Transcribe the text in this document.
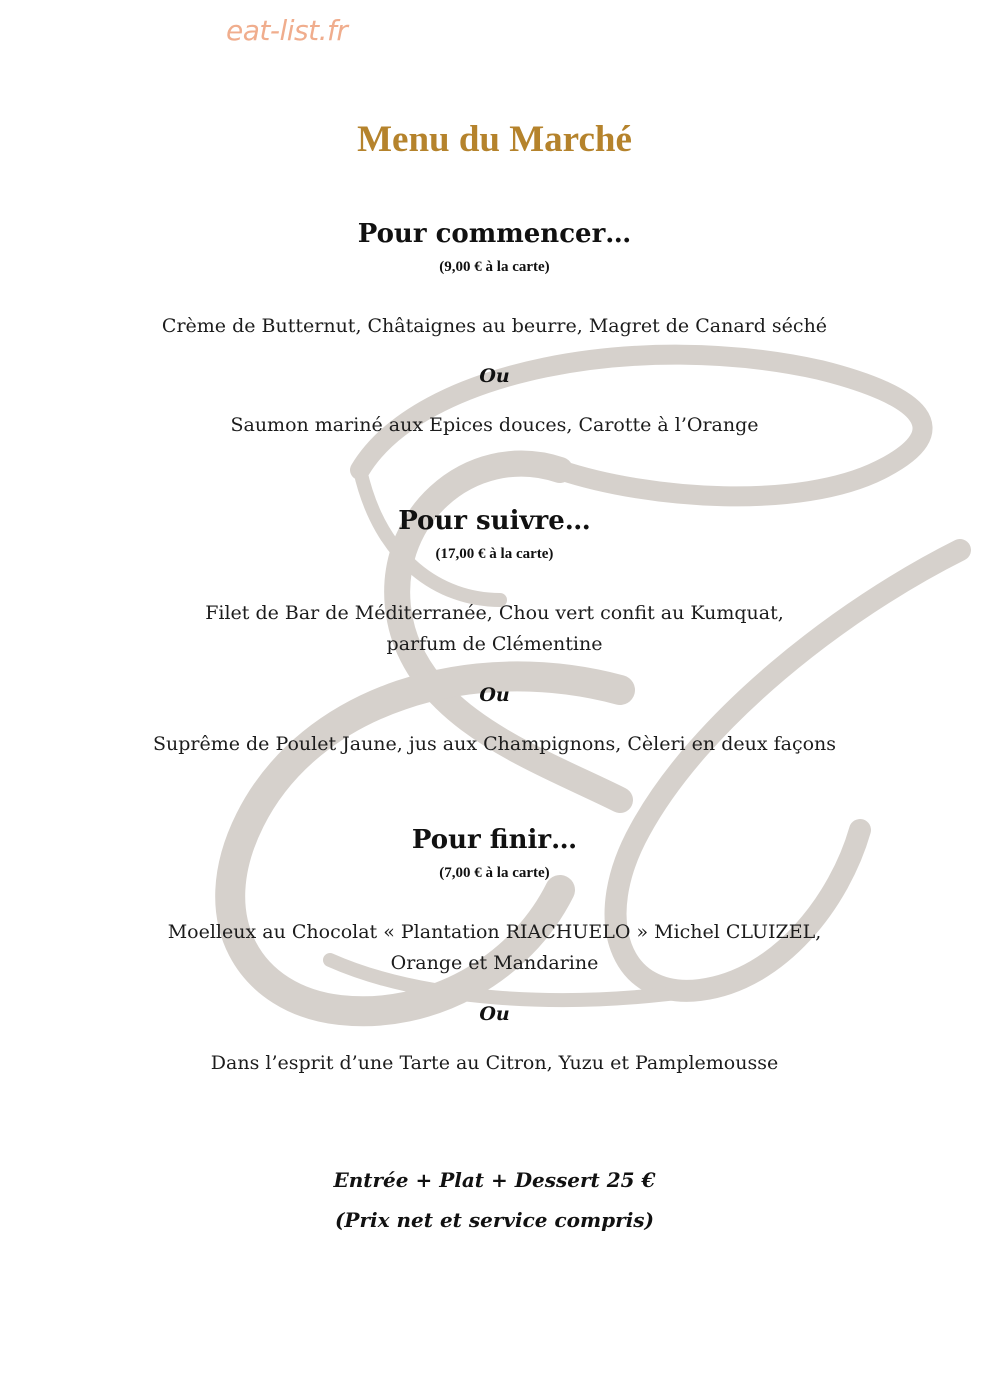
eat-list.fr
Menu du Marché
Pour commencer…
(9,00 € à la carte)
Crème de Butternut, Châtaignes au beurre, Magret de Canard séché
Ou
Saumon mariné aux Epices douces, Carotte à l’Orange
Pour suivre…
(17,00 € à la carte)
Filet de Bar de Méditerranée, Chou vert confit au Kumquat,
parfum de Clémentine
Ou
Suprême de Poulet Jaune, jus aux Champignons, Cèleri en deux façons
Pour finir…
(7,00 € à la carte)
Moelleux au Chocolat « Plantation RIACHUELO » Michel CLUIZEL,
Orange et Mandarine
Ou
Dans l’esprit d’une Tarte au Citron, Yuzu et Pamplemousse
Entrée + Plat + Dessert 25 €
(Prix net et service compris)
